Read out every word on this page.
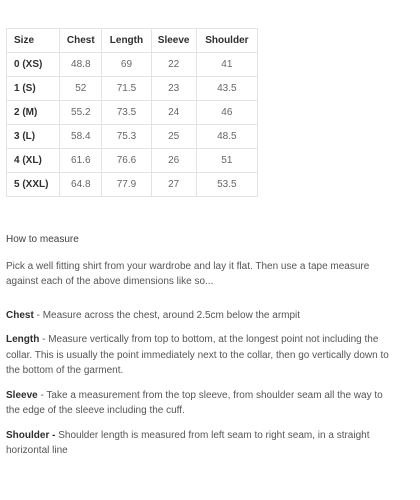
Size	Chest	Length	Sleeve	Shoulder
0 (XS)	48.8	69	22	41
1 (S)	52	71.5	23	43.5
2 (M)	55.2	73.5	24	46
3 (L)	58.4	75.3	25	48.5
4 (XL)	61.6	76.6	26	51
5 (XXL)	64.8	77.9	27	53.5

How to measure

Pick a well fitting shirt from your wardrobe and lay it flat. Then use a tape measure against each of the above dimensions like so...

Chest - Measure across the chest, around 2.5cm below the armpit

Length - Measure vertically from top to bottom, at the longest point not including the collar. This is usually the point immediately next to the collar, then go vertically down to the bottom of the garment.

Sleeve - Take a measurement from the top sleeve, from shoulder seam all the way to the edge of the sleeve including the cuff.

Shoulder - Shoulder length is measured from left seam to right seam, in a straight horizontal line
